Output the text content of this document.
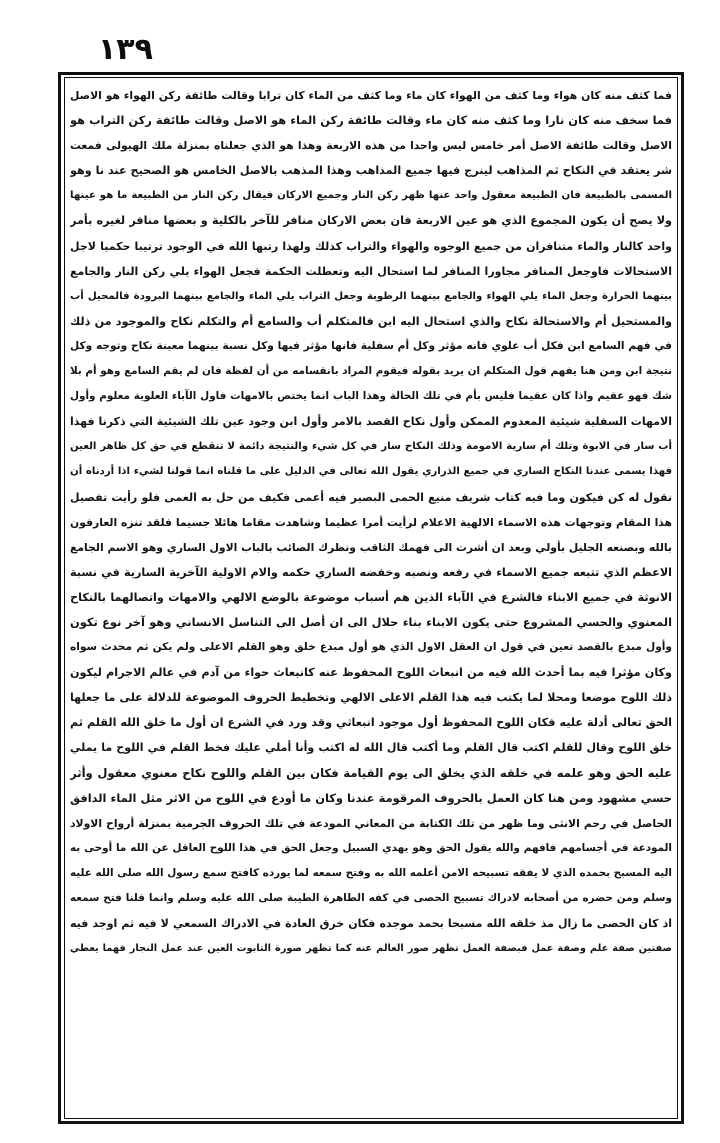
١٣٩
فما كثف منه كان هواء وما كثف من الهواء كان ماء وما كثف من الماء كان ترابا وقالت طائفة ركن الهواء هو الاصل
فما سخف منه كان نارا وما كثف منه كان ماء وقالت طائفة ركن الماء هو الاصل وقالت طائفة ركن التراب هو
الاصل وقالت طائفة الاصل أمر خامس ليس واحدا من هذه الاربعة وهذا هو الذي جعلناه بمنزلة ملك الهيولى فمعت
شر يعتقد في النكاح ثم المذاهب لينرج فيها جميع المذاهب وهذا المذهب بالاصل الخامس هو الصحيح عند نا وهو
المسمى بالطبيعة فان الطبيعة معقول واحد عنها ظهر ركن النار وجميع الاركان فيقال ركن النار من الطبيعة ما هو عينها
ولا يصح أن يكون المجموع الذي هو عين الاربعة فان بعض الاركان منافر للآخر بالكلية و بعضها منافر لغيره بأمر
واحد كالنار والماء متنافران من جميع الوجوه والهواء والتراب كذلك ولهذا رتبها الله في الوجود ترتيبا حكميا لاجل
الاستحالات فاوجعل المنافر مجاورا المنافر لما استحال اليه وتعطلت الحكمة فجعل الهواء يلي ركن النار والجامع
بينهما الحرارة وجعل الماء يلي الهواء والجامع بينهما الرطوبة وجعل التراب يلي الماء والجامع بينهما البرودة فالمحيل أب
والمستحيل أم والاستحالة نكاح والذي استحال اليه ابن فالمتكلم أب والسامع أم والتكلم نكاح والموجود من ذلك
في فهم السامع ابن فكل أب علوي فانه مؤثر وكل أم سفلية فانها مؤثر فيها وكل نسبة بينهما معينة نكاح وتوجه وكل
نتيجة ابن ومن هنا يفهم قول المتكلم ان يريد بقوله فيقوم المراد بانقسامه من أن لفظة فان لم يقم السامع وهو أم بلا
شك فهو عقيم واذا كان عقيما فليس بأم في تلك الحالة وهذا الباب انما يختص بالامهات فاول الآباء العلوية معلوم وأول
الامهات السفلية شيئية المعدوم الممكن وأول نكاح القصد بالامر وأول ابن وجود عين تلك الشيئية التي ذكرنا فهذا
أب سار في الابوة وتلك أم سارية الامومة وذلك النكاح سار في كل شيء والنتيجة دائمة لا تنقطع في حق كل ظاهر العين
فهذا يسمى عندنا النكاح الساري في جميع الذراري يقول الله تعالى في الدليل على ما قلناه انما قولنا لشيء اذا أردناه أن
نقول له كن فيكون وما فيه كتاب شريف منيع الحمى البصير فيه أعمى فكيف من حل به العمى فلو رأيت تفصيل
هذا المقام وتوجهات هذه الاسماء الالهية الاعلام لرأيت أمرا عظيما وشاهدت مقاما هائلا جسيما فلقد تنزه العارفون
بالله وبصنعه الجليل بأولي وبعد ان أشرت الى فهمك الثاقب ونظرك الصائب بالباب الاول الساري وهو الاسم الجامع
الاعظم الذي تتبعه جميع الاسماء في رفعه ونصبه وخفضه الساري حكمه والام الاولية الآخرية السارية في نسبة
الانوثة في جميع الابناء فالشرع في الآباء الذين هم أسباب موضوعة بالوضع الالهي والامهات واتصالهما بالنكاح
المعنوي والحسي المشروع حتى يكون الابناء بناء حلال الى ان أصل الى التناسل الانساني وهو آخر نوع تكون
وأول مبدع بالقصد تعين في قول ان العقل الاول الذي هو أول مبدع خلق وهو القلم الاعلى ولم يكن ثم محدث سواه
وكان مؤثرا فيه بما أحدث الله فيه من انبعاث اللوح المحفوظ عنه كانبعاث حواء من آدم في عالم الاجرام ليكون
ذلك اللوح موضعا ومحلا لما يكتب فيه هذا القلم الاعلى الالهي وتخطيط الحروف الموضوعة للدلالة على ما جعلها
الحق تعالى أدلة عليه فكان اللوح المحفوظ أول موجود انبعاثي وقد ورد في الشرع ان أول ما خلق الله القلم ثم
خلق اللوح وقال للقلم اكتب قال القلم وما أكتب قال الله له اكتب وأنا أملي عليك فخط القلم في اللوح ما يملي
عليه الحق وهو علمه في خلقه الذي يخلق الى يوم القيامة فكان بين القلم واللوح نكاح معنوي معقول وأثر
حسي مشهود ومن هنا كان العمل بالحروف المرقومة عندنا وكان ما أودع في اللوح من الاثر مثل الماء الدافق
الحاصل في رحم الانثى وما ظهر من تلك الكتابة من المعاني المودعة في تلك الحروف الجرمية بمنزلة أرواح الاولاد
المودعة في أجسامهم فافهم والله يقول الحق وهو يهدي السبيل وجعل الحق في هذا اللوح العاقل عن الله ما أوحى به
اليه المسبح بحمده الذي لا يفقه تسبيحه الامن أعلمه الله به وفتح سمعه لما يورده كافتح سمع رسول الله صلى الله عليه
وسلم ومن حضره من أصحابه لادراك تسبيح الحصى في كفه الطاهرة الطيبة صلى الله عليه وسلم وانما قلنا فتح سمعه
اذ كان الحصى ما زال مذ خلقه الله مسبحا بحمد موجده فكان خرق العادة في الادراك السمعي لا فيه ثم اوجد فيه
صفتين صفة علم وصفة عمل فبصفة العمل تظهر صور العالم عنه كما تظهر صورة التابوت العين عند عمل النجار فهما يعطي
